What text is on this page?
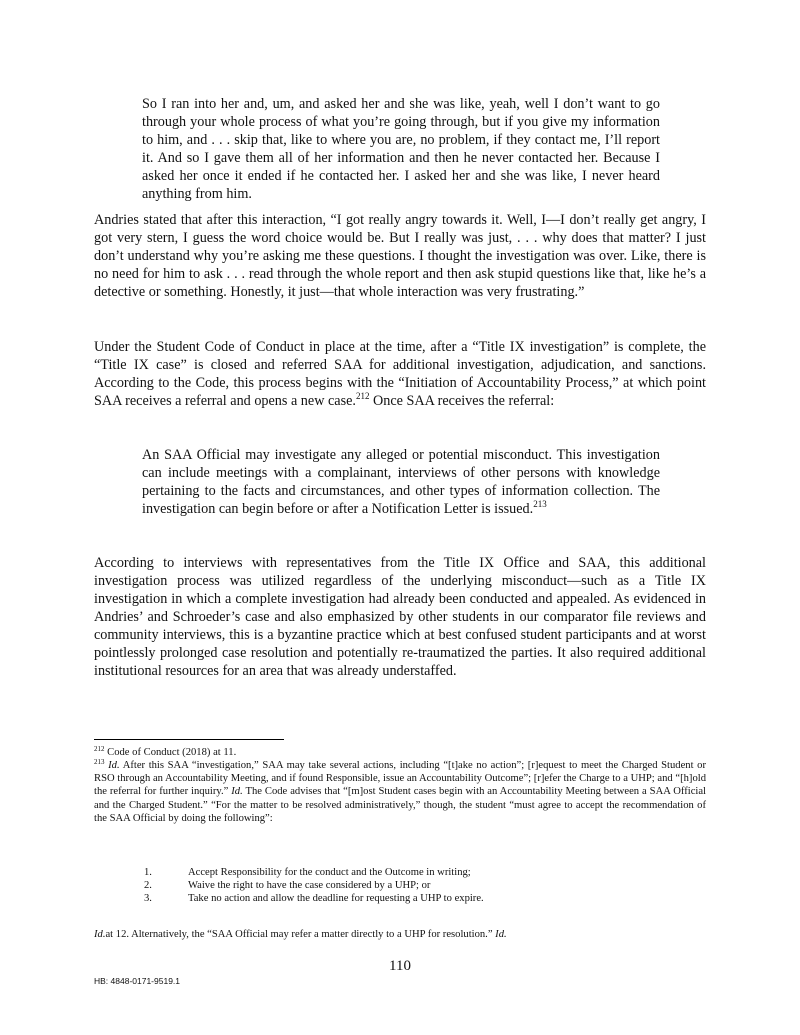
So I ran into her and, um, and asked her and she was like, yeah, well I don’t want to go through your whole process of what you’re going through, but if you give my information to him, and . . . skip that, like to where you are, no problem, if they contact me, I’ll report it. And so I gave them all of her information and then he never contacted her. Because I asked her once it ended if he contacted her. I asked her and she was like, I never heard anything from him.

Andries stated that after this interaction, “I got really angry towards it. Well, I—I don’t really get angry, I got very stern, I guess the word choice would be. But I really was just, . . . why does that matter? I just don’t understand why you’re asking me these questions. I thought the investigation was over. Like, there is no need for him to ask . . . read through the whole report and then ask stupid questions like that, like he’s a detective or something. Honestly, it just—that whole interaction was very frustrating.”

Under the Student Code of Conduct in place at the time, after a “Title IX investigation” is complete, the “Title IX case” is closed and referred SAA for additional investigation, adjudication, and sanctions. According to the Code, this process begins with the “Initiation of Accountability Process,” at which point SAA receives a referral and opens a new case.$^{212}$ Once SAA receives the referral:

An SAA Official may investigate any alleged or potential misconduct. This investigation can include meetings with a complainant, interviews of other persons with knowledge pertaining to the facts and circumstances, and other types of information collection. The investigation can begin before or after a Notification Letter is issued.$^{213}$

According to interviews with representatives from the Title IX Office and SAA, this additional investigation process was utilized regardless of the underlying misconduct—such as a Title IX investigation in which a complete investigation had already been conducted and appealed. As evidenced in Andries’ and Schroeder’s case and also emphasized by other students in our comparator file reviews and community interviews, this is a byzantine practice which at best confused student participants and at worst pointlessly prolonged case resolution and potentially re-traumatized the parties. It also required additional institutional resources for an area that was already understaffed.

$^{212}$ Code of Conduct (2018) at 11.

$^{213}$ Id. After this SAA “investigation,” SAA may take several actions, including “[t]ake no action”; [r]equest to meet the Charged Student or RSO through an Accountability Meeting, and if found Responsible, issue an Accountability Outcome”; [r]efer the Charge to a UHP; and “[h]old the referral for further inquiry.” Id. The Code advises that “[m]ost Student cases begin with an Accountability Meeting between a SAA Official and the Charged Student.” “For the matter to be resolved administratively,” though, the student “must agree to accept the recommendation of the SAA Official by doing the following”:

1.	Accept Responsibility for the conduct and the Outcome in writing;
2.	Waive the right to have the case considered by a UHP; or
3.	Take no action and allow the deadline for requesting a UHP to expire.

Id.at 12. Alternatively, the “SAA Official may refer a matter directly to a UHP for resolution.” Id.

110
HB: 4848-0171-9519.1
